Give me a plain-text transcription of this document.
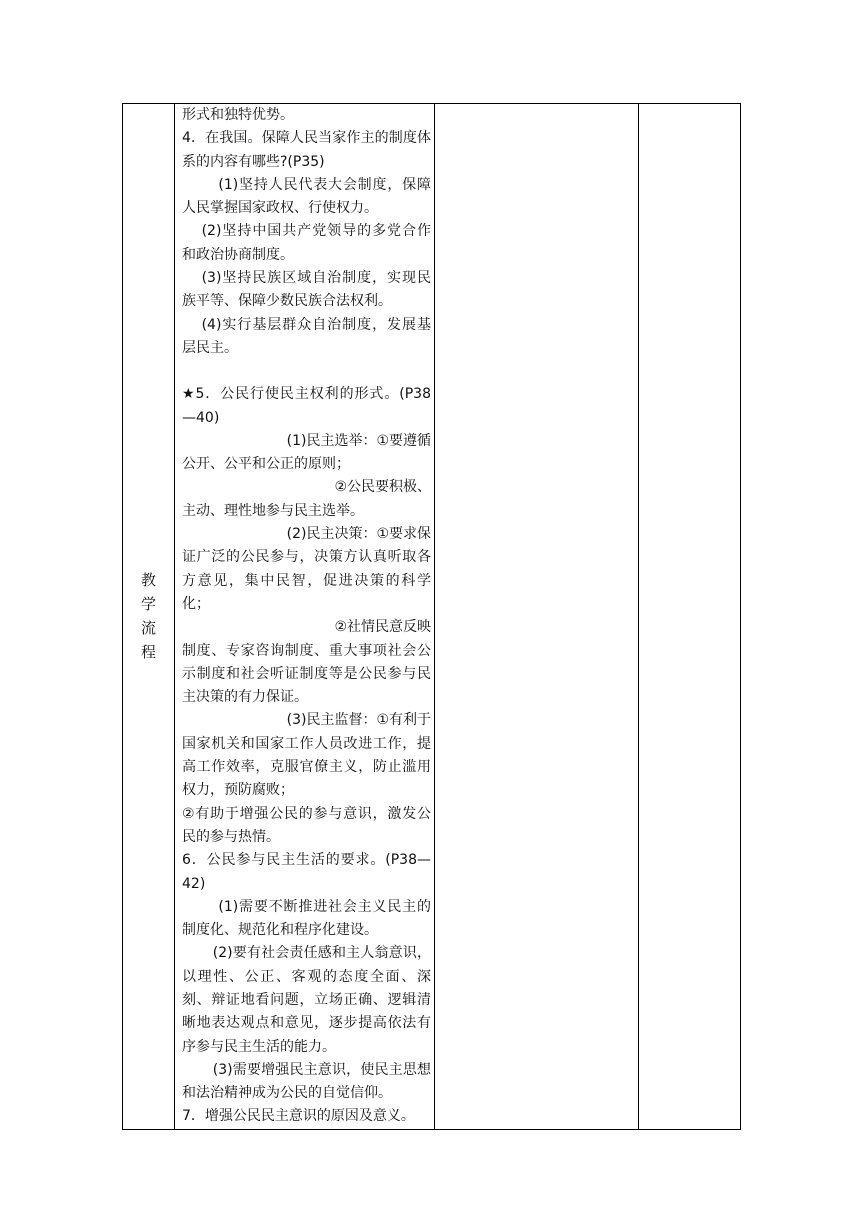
教学流程	

形式和独特优势。

4．在我国。保障人民当家作主的制度体系的内容有哪些?(P35)

(1)坚持人民代表大会制度，保障人民掌握国家政权、行使权力。

(2)坚持中国共产党领导的多党合作和政治协商制度。

(3)坚持民族区域自治制度，实现民族平等、保障少数民族合法权利。

(4)实行基层群众自治制度，发展基层民主。

★5．公民行使民主权利的形式。(P38—40)

(1)民主选举：①要遵循

公开、公平和公正的原则；

②公民要积极、

主动、理性地参与民主选举。

(2)民主决策：①要求保

证广泛的公民参与，决策方认真听取各方意见，集中民智，促进决策的科学化；

②社情民意反映

制度、专家咨询制度、重大事项社会公示制度和社会听证制度等是公民参与民主决策的有力保证。

(3)民主监督：①有利于

国家机关和国家工作人员改进工作，提高工作效率，克服官僚主义，防止滥用权力，预防腐败；

②有助于增强公民的参与意识，激发公民的参与热情。

6．公民参与民主生活的要求。(P38—42)

(1)需要不断推进社会主义民主的制度化、规范化和程序化建设。

(2)要有社会责任感和主人翁意识，以理性、公正、客观的态度全面、深刻、辩证地看问题，立场正确、逻辑清晰地表达观点和意见，逐步提高依法有序参与民主生活的能力。

(3)需要增强民主意识，使民主思想和法治精神成为公民的自觉信仰。

7．增强公民民主意识的原因及意义。
